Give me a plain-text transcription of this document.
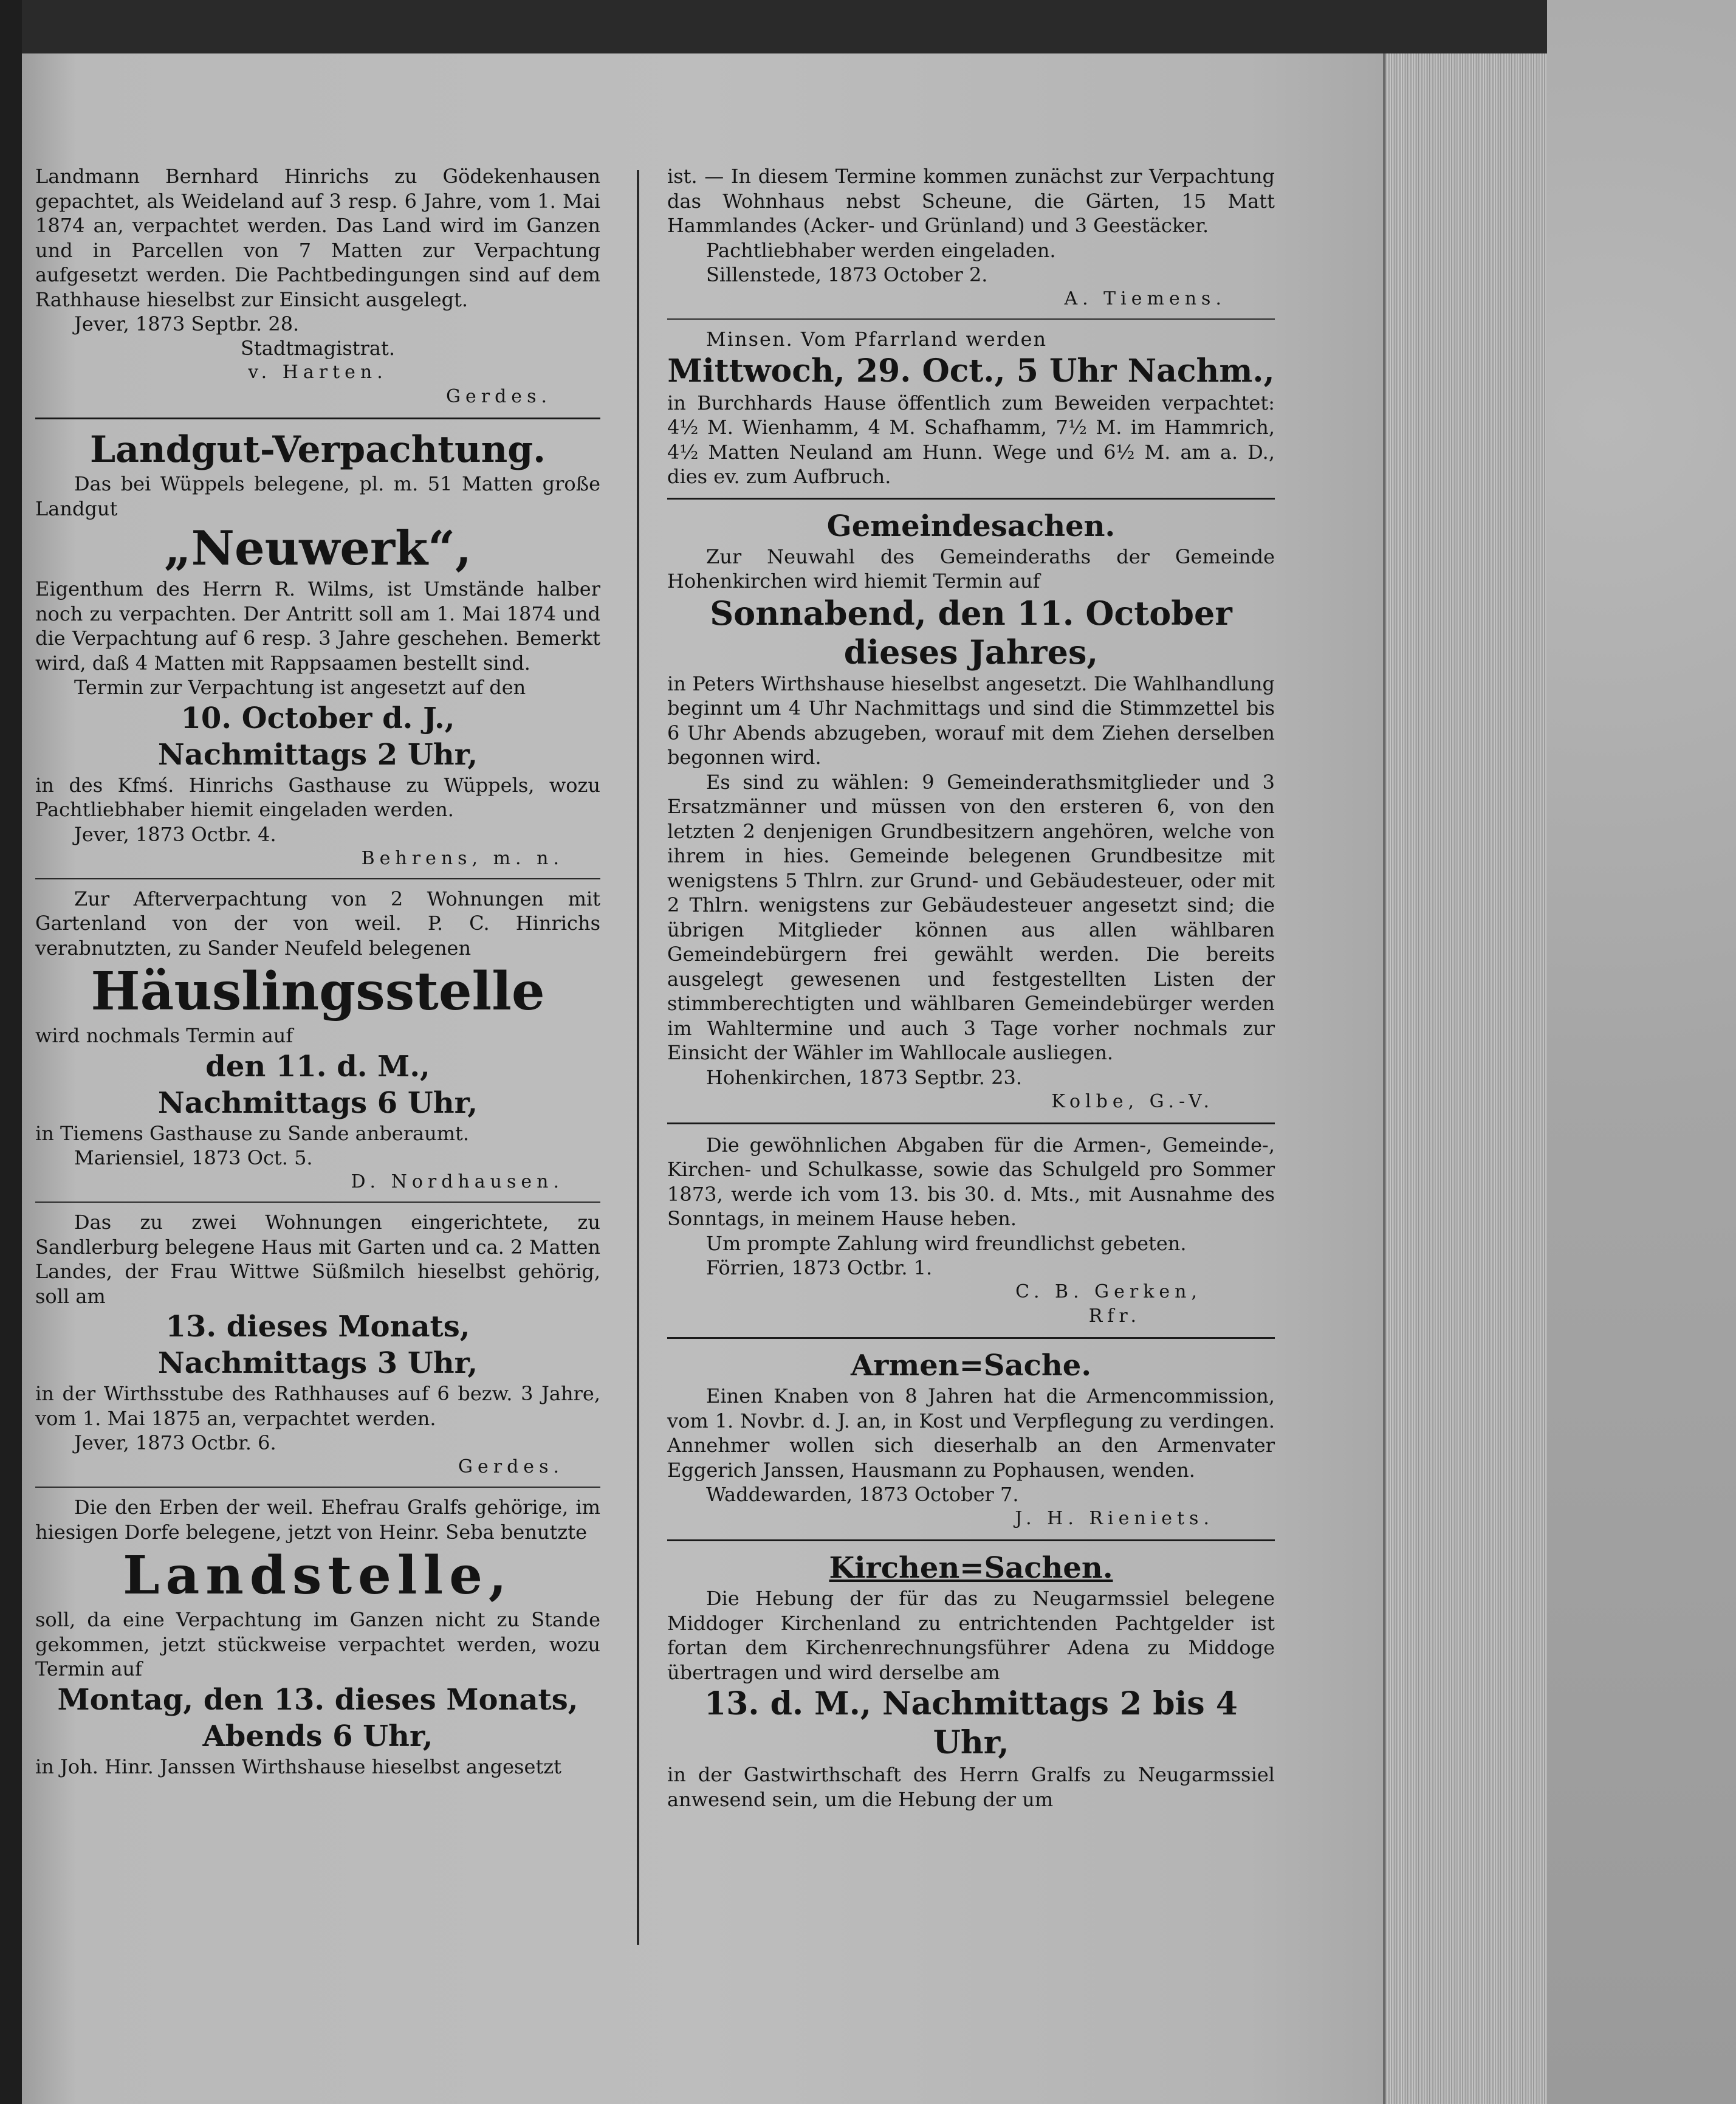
Landmann Bernhard Hinrichs zu Gödekenhausen gepachtet, als Weideland auf 3 resp. 6 Jahre, vom 1. Mai 1874 an, verpachtet werden. Das Land wird im Ganzen und in Parcellen von 7 Matten zur Verpachtung aufgesetzt werden. Die Pachtbedingungen sind auf dem Rathhause hieselbst zur Einsicht ausgelegt.

Jever, 1873 Septbr. 28.
Stadtmagistrat.
v. Harten.
Gerdes.
Landgut-Verpachtung.

Das bei Wüppels belegene, pl. m. 51 Matten große Landgut

„Neuwerk“,

Eigenthum des Herrn R. Wilms, ist Umstände halber noch zu verpachten. Der Antritt soll am 1. Mai 1874 und die Verpachtung auf 6 resp. 3 Jahre geschehen. Bemerkt wird, daß 4 Matten mit Rappsaamen bestellt sind.

Termin zur Verpachtung ist angesetzt auf den

10. October d. J.,
Nachmittags 2 Uhr,

in des Kfmś. Hinrichs Gasthause zu Wüppels, wozu Pachtliebhaber hiemit eingeladen werden.

Jever, 1873 Octbr. 4.
Behrens, m. n.

Zur Afterverpachtung von 2 Wohnungen mit Gartenland von der von weil. P. C. Hinrichs verabnutzten, zu Sander Neufeld belegenen

Häuslingsstelle

wird nochmals Termin auf

den 11. d. M.,
Nachmittags 6 Uhr,

in Tiemens Gasthause zu Sande anberaumt.

Mariensiel, 1873 Oct. 5.
D. Nordhausen.

Das zu zwei Wohnungen eingerichtete, zu Sandlerburg belegene Haus mit Garten und ca. 2 Matten Landes, der Frau Wittwe Süßmilch hieselbst gehörig, soll am

13. dieses Monats,
Nachmittags 3 Uhr,

in der Wirthsstube des Rathhauses auf 6 bezw. 3 Jahre, vom 1. Mai 1875 an, verpachtet werden.

Jever, 1873 Octbr. 6.
Gerdes.

Die den Erben der weil. Ehefrau Gralfs gehörige, im hiesigen Dorfe belegene, jetzt von Heinr. Seba benutzte

Landstelle,

soll, da eine Verpachtung im Ganzen nicht zu Stande gekommen, jetzt stückweise verpachtet werden, wozu Termin auf

Montag, den 13. dieses Monats,
Abends 6 Uhr,

in Joh. Hinr. Janssen Wirthshause hieselbst angesetzt

ist. — In diesem Termine kommen zunächst zur Verpachtung das Wohnhaus nebst Scheune, die Gärten, 15 Matt Hammlandes (Acker- und Grünland) und 3 Geestäcker.

Pachtliebhaber werden eingeladen.

Sillenstede, 1873 October 2.
A. Tiemens.

Minsen. Vom Pfarrland werden

Mittwoch, 29. Oct., 5 Uhr Nachm.,

in Burchhards Hause öffentlich zum Beweiden verpachtet: 4½ M. Wienhamm, 4 M. Schafhamm, 7½ M. im Hammrich, 4½ Matten Neuland am Hunn. Wege und 6½ M. am a. D., dies ev. zum Aufbruch.

Gemeindesachen.

Zur Neuwahl des Gemeinderaths der Gemeinde Hohenkirchen wird hiemit Termin auf

Sonnabend, den 11. October
dieses Jahres,

in Peters Wirthshause hieselbst angesetzt. Die Wahlhandlung beginnt um 4 Uhr Nachmittags und sind die Stimmzettel bis 6 Uhr Abends abzugeben, worauf mit dem Ziehen derselben begonnen wird.

Es sind zu wählen: 9 Gemeinderathsmitglieder und 3 Ersatzmänner und müssen von den ersteren 6, von den letzten 2 denjenigen Grundbesitzern angehören, welche von ihrem in hies. Gemeinde belegenen Grundbesitze mit wenigstens 5 Thlrn. zur Grund- und Gebäudesteuer, oder mit 2 Thlrn. wenigstens zur Gebäudesteuer angesetzt sind; die übrigen Mitglieder können aus allen wählbaren Gemeindebürgern frei gewählt werden. Die bereits ausgelegt gewesenen und festgestellten Listen der stimmberechtigten und wählbaren Gemeindebürger werden im Wahltermine und auch 3 Tage vorher nochmals zur Einsicht der Wähler im Wahllocale ausliegen.

Hohenkirchen, 1873 Septbr. 23.
Kolbe, G.-V.

Die gewöhnlichen Abgaben für die Armen-, Gemeinde-, Kirchen- und Schulkasse, sowie das Schulgeld pro Sommer 1873, werde ich vom 13. bis 30. d. Mts., mit Ausnahme des Sonntags, in meinem Hause heben.

Um prompte Zahlung wird freundlichst gebeten.

Förrien, 1873 Octbr. 1.
C. B. Gerken,
Rfr.
Armen=Sache.

Einen Knaben von 8 Jahren hat die Armencommission, vom 1. Novbr. d. J. an, in Kost und Verpflegung zu verdingen. Annehmer wollen sich dieserhalb an den Armenvater Eggerich Janssen, Hausmann zu Pophausen, wenden.

Waddewarden, 1873 October 7.
J. H. Rieniets.
Kirchen=Sachen.

Die Hebung der für das zu Neugarmssiel belegene Middoger Kirchenland zu entrichtenden Pachtgelder ist fortan dem Kirchenrechnungsführer Adena zu Middoge übertragen und wird derselbe am

13. d. M., Nachmittags 2 bis 4 Uhr,

in der Gastwirthschaft des Herrn Gralfs zu Neugarmssiel anwesend sein, um die Hebung der um
